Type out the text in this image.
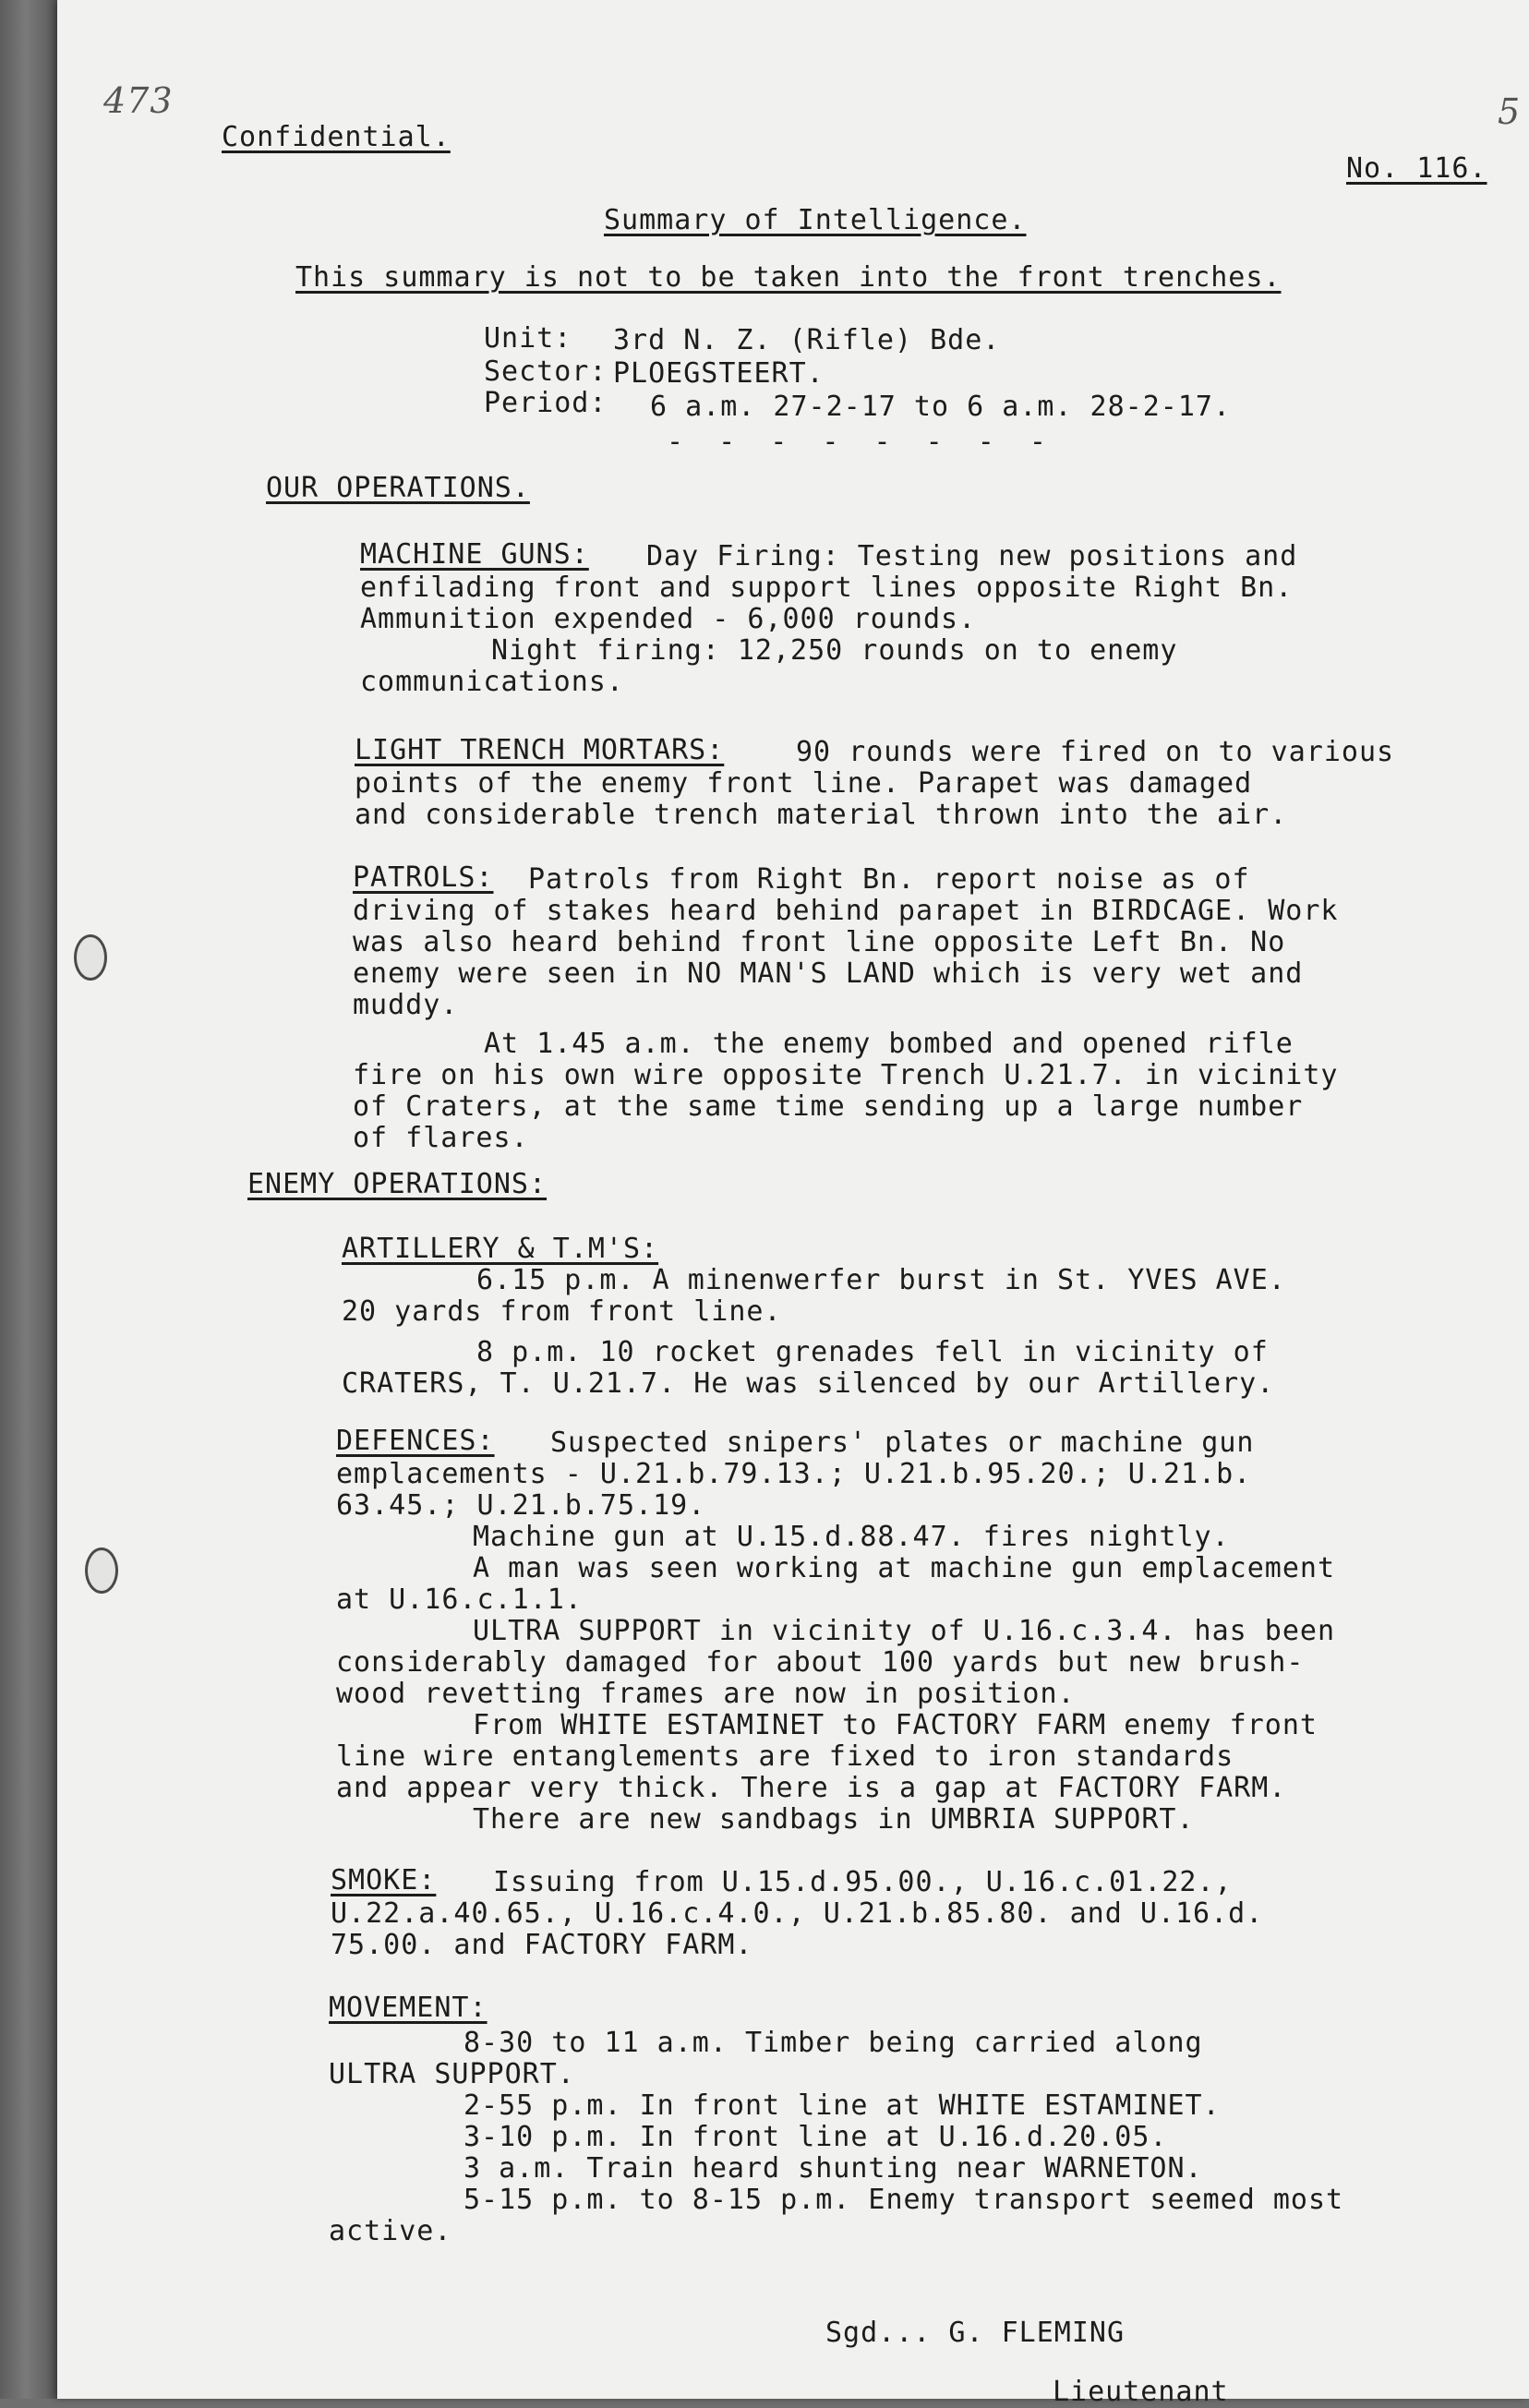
473	5
Confidential.
No. 116.
Summary of Intelligence.
This summary is not to be taken into the front trenches.
Unit: 3rd N. Z. (Rifle) Bde.
Sector: PLOEGSTEERT.
Period: 6 a.m. 27-2-17 to 6 a.m. 28-2-17.
- - - - - - - -
OUR OPERATIONS.
MACHINE GUNS:	Day Firing: Testing new positions and
enfilading front and support lines opposite Right Bn.
Ammunition expended - 6,000 rounds.
Night firing: 12,250 rounds on to enemy
communications.
LIGHT TRENCH MORTARS:	90 rounds were fired on to various
points of the enemy front line. Parapet was damaged
and considerable trench material thrown into the air.
PATROLS:	Patrols from Right Bn. report noise as of
driving of stakes heard behind parapet in BIRDCAGE. Work
was also heard behind front line opposite Left Bn. No
enemy were seen in NO MAN'S LAND which is very wet and
muddy.
At 1.45 a.m. the enemy bombed and opened rifle
fire on his own wire opposite Trench U.21.7. in vicinity
of Craters, at the same time sending up a large number
of flares.
ENEMY OPERATIONS:
ARTILLERY & T.M'S:
6.15 p.m. A minenwerfer burst in St. YVES AVE.
20 yards from front line.
8 p.m. 10 rocket grenades fell in vicinity of
CRATERS, T. U.21.7. He was silenced by our Artillery.
DEFENCES:	Suspected snipers' plates or machine gun
emplacements - U.21.b.79.13.; U.21.b.95.20.; U.21.b.
63.45.; U.21.b.75.19.
Machine gun at U.15.d.88.47. fires nightly.
A man was seen working at machine gun emplacement
at U.16.c.1.1.
ULTRA SUPPORT in vicinity of U.16.c.3.4. has been
considerably damaged for about 100 yards but new brush-
wood revetting frames are now in position.
From WHITE ESTAMINET to FACTORY FARM enemy front
line wire entanglements are fixed to iron standards
and appear very thick. There is a gap at FACTORY FARM.
There are new sandbags in UMBRIA SUPPORT.
SMOKE:	Issuing from U.15.d.95.00., U.16.c.01.22.,
U.22.a.40.65., U.16.c.4.0., U.21.b.85.80. and U.16.d.
75.00. and FACTORY FARM.
MOVEMENT:
8-30 to 11 a.m. Timber being carried along
ULTRA SUPPORT.
2-55 p.m. In front line at WHITE ESTAMINET.
3-10 p.m. In front line at U.16.d.20.05.
3 a.m. Train heard shunting near WARNETON.
5-15 p.m. to 8-15 p.m. Enemy transport seemed most
active.
Sgd... G. FLEMING
Lieutenant
